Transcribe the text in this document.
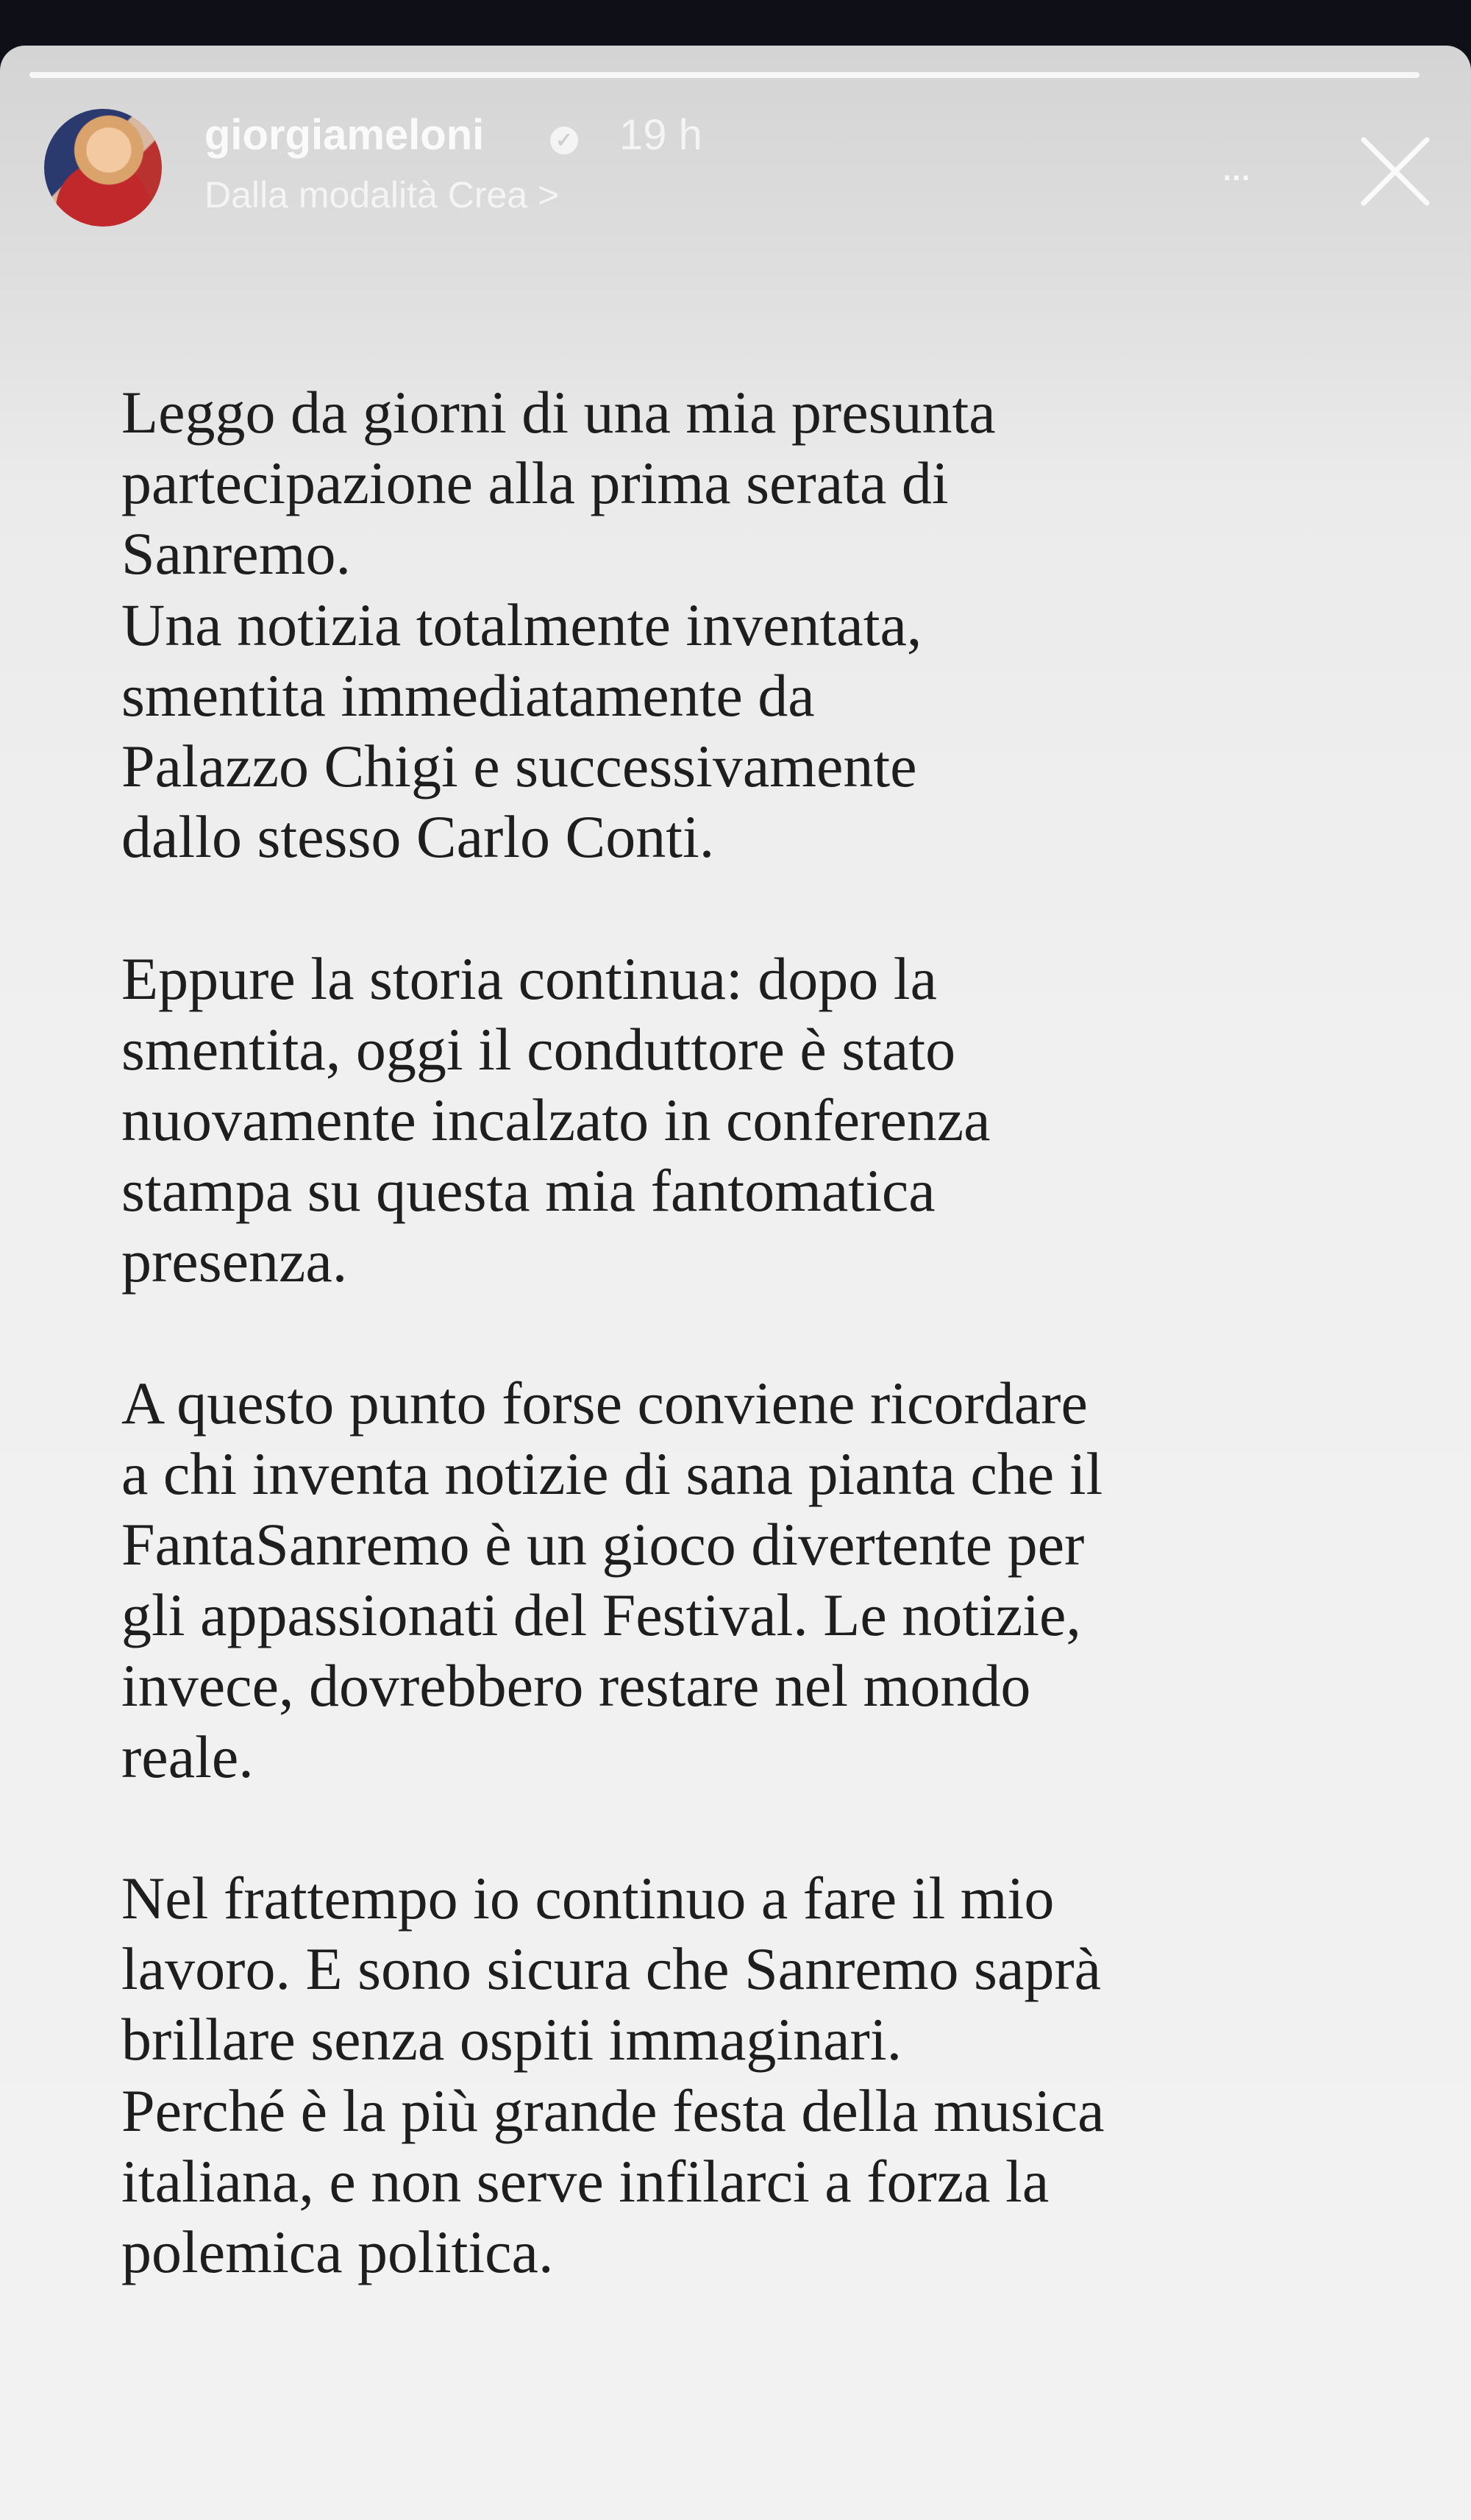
giorgiameloni	✓ 19 h
Dalla modalità Crea >
...
Leggo da giorni di una mia presunta
partecipazione alla prima serata di
Sanremo.
Una notizia totalmente inventata,
smentita immediatamente da
Palazzo Chigi e successivamente
dallo stesso Carlo Conti.
Eppure la storia continua: dopo la
smentita, oggi il conduttore è stato
nuovamente incalzato in conferenza
stampa su questa mia fantomatica
presenza.
A questo punto forse conviene ricordare
a chi inventa notizie di sana pianta che il
FantaSanremo è un gioco divertente per
gli appassionati del Festival. Le notizie,
invece, dovrebbero restare nel mondo
reale.
Nel frattempo io continuo a fare il mio
lavoro. E sono sicura che Sanremo saprà
brillare senza ospiti immaginari.
Perché è la più grande festa della musica
italiana, e non serve infilarci a forza la
polemica politica.
